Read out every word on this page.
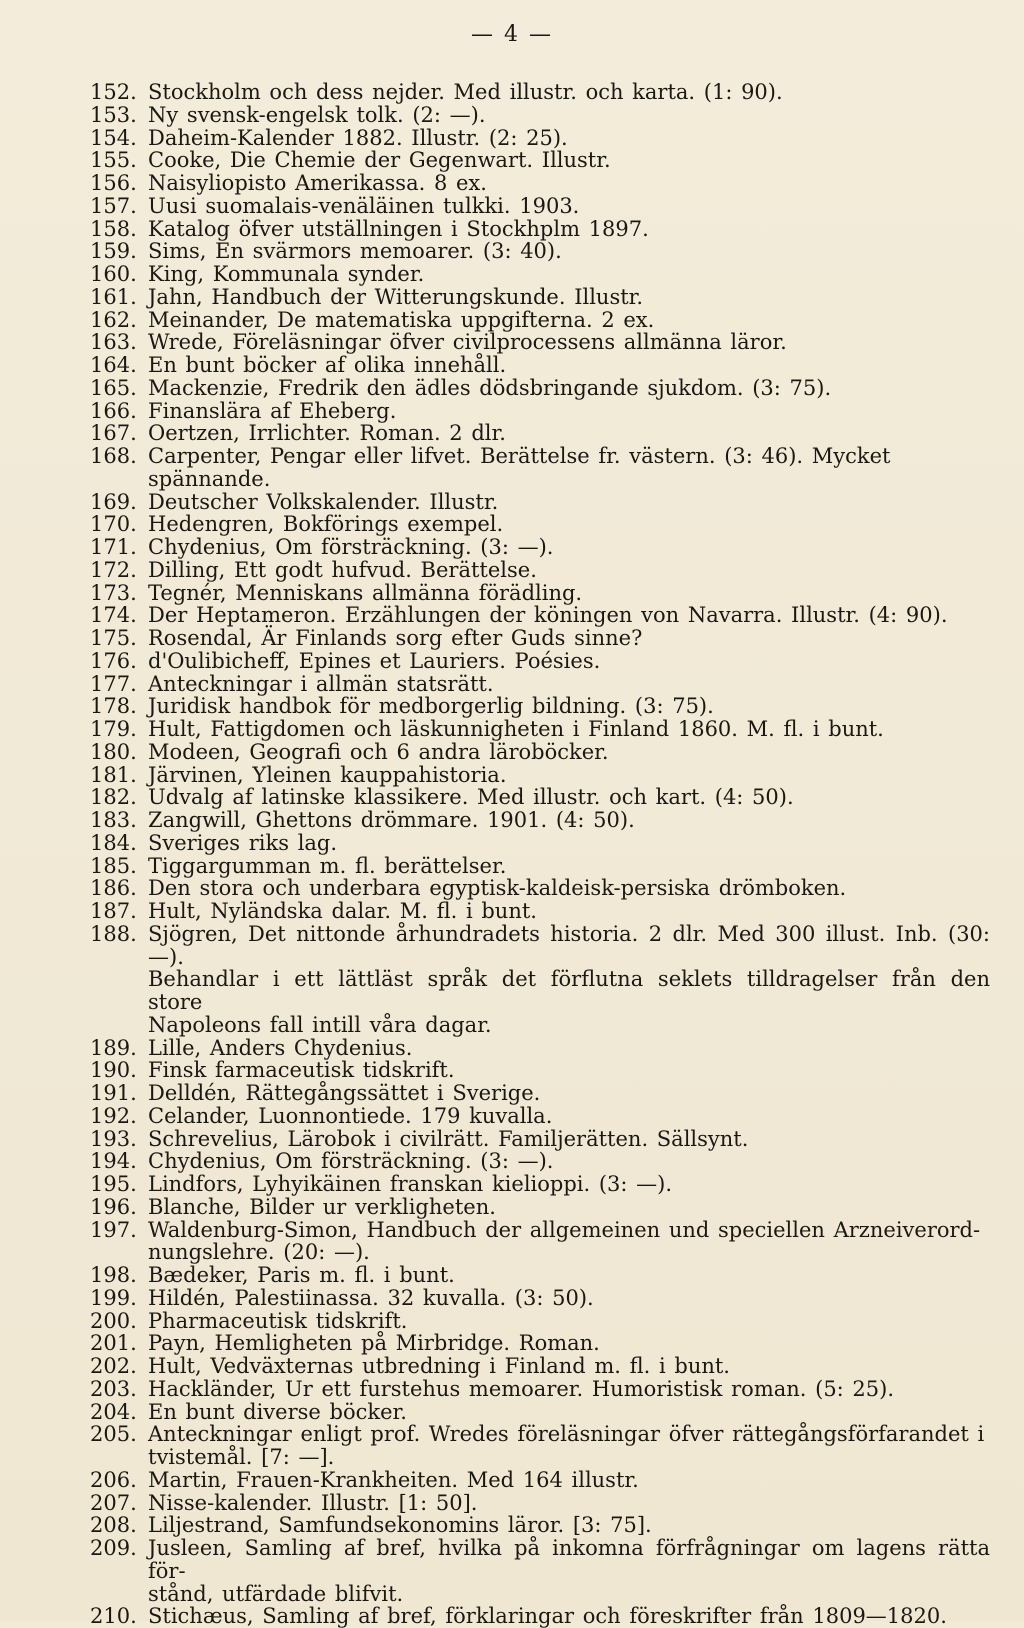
— 4 —
152. Stockholm och dess nejder. Med illustr. och karta. (1: 90).
153. Ny svensk-engelsk tolk. (2: —).
154. Daheim-Kalender 1882. Illustr. (2: 25).
155. Cooke, Die Chemie der Gegenwart. Illustr.
156. Naisyliopisto Amerikassa. 8 ex.
157. Uusi suomalais-venäläinen tulkki. 1903.
158. Katalog öfver utställningen i Stockhplm 1897.
159. Sims, En svärmors memoarer. (3: 40).
160. King, Kommunala synder.
161. Jahn, Handbuch der Witterungskunde. Illustr.
162. Meinander, De matematiska uppgifterna. 2 ex.
163. Wrede, Föreläsningar öfver civilprocessens allmänna läror.
164. En bunt böcker af olika innehåll.
165. Mackenzie, Fredrik den ädles dödsbringande sjukdom. (3: 75).
166. Finanslära af Eheberg.
167. Oertzen, Irrlichter. Roman. 2 dlr.
168. Carpenter, Pengar eller lifvet. Berättelse fr. västern. (3: 46). Mycket spännande.
169. Deutscher Volkskalender. Illustr.
170. Hedengren, Bokförings exempel.
171. Chydenius, Om försträckning. (3: —).
172. Dilling, Ett godt hufvud. Berättelse.
173. Tegnér, Menniskans allmänna förädling.
174. Der Heptameron. Erzählungen der köningen von Navarra. Illustr. (4: 90).
175. Rosendal, Är Finlands sorg efter Guds sinne?
176. d'Oulibicheff, Epines et Lauriers. Poésies.
177. Anteckningar i allmän statsrätt.
178. Juridisk handbok för medborgerlig bildning. (3: 75).
179. Hult, Fattigdomen och läskunnigheten i Finland 1860. M. fl. i bunt.
180. Modeen, Geografi och 6 andra läroböcker.
181. Järvinen, Yleinen kauppahistoria.
182. Udvalg af latinske klassikere. Med illustr. och kart. (4: 50).
183. Zangwill, Ghettons drömmare. 1901. (4: 50).
184. Sveriges riks lag.
185. Tiggargumman m. fl. berättelser.
186. Den stora och underbara egyptisk-kaldeisk-persiska drömboken.
187. Hult, Nyländska dalar. M. fl. i bunt.
188. Sjögren, Det nittonde århundradets historia. 2 dlr. Med 300 illust. Inb. (30: —).
Behandlar i ett lättläst språk det förflutna seklets tilldragelser från den store
Napoleons fall intill våra dagar.
189. Lille, Anders Chydenius.
190. Finsk farmaceutisk tidskrift.
191. Delldén, Rättegångssättet i Sverige.
192. Celander, Luonnontiede. 179 kuvalla.
193. Schrevelius, Lärobok i civilrätt. Familjerätten. Sällsynt.
194. Chydenius, Om försträckning. (3: —).
195. Lindfors, Lyhyikäinen franskan kielioppi. (3: —).
196. Blanche, Bilder ur verkligheten.
197. Waldenburg-Simon, Handbuch der allgemeinen und speciellen Arzneiverord-
nungslehre. (20: —).
198. Bædeker, Paris m. fl. i bunt.
199. Hildén, Palestiinassa. 32 kuvalla. (3: 50).
200. Pharmaceutisk tidskrift.
201. Payn, Hemligheten på Mirbridge. Roman.
202. Hult, Vedväxternas utbredning i Finland m. fl. i bunt.
203. Hackländer, Ur ett furstehus memoarer. Humoristisk roman. (5: 25).
204. En bunt diverse böcker.
205. Anteckningar enligt prof. Wredes föreläsningar öfver rättegångsförfarandet i
tvistemål. [7: —].
206. Martin, Frauen-Krankheiten. Med 164 illustr.
207. Nisse-kalender. Illustr. [1: 50].
208. Liljestrand, Samfundsekonomins läror. [3: 75].
209. Jusleen, Samling af bref, hvilka på inkomna förfrågningar om lagens rätta för-
stånd, utfärdade blifvit.
210. Stichæus, Samling af bref, förklaringar och föreskrifter från 1809—1820.
